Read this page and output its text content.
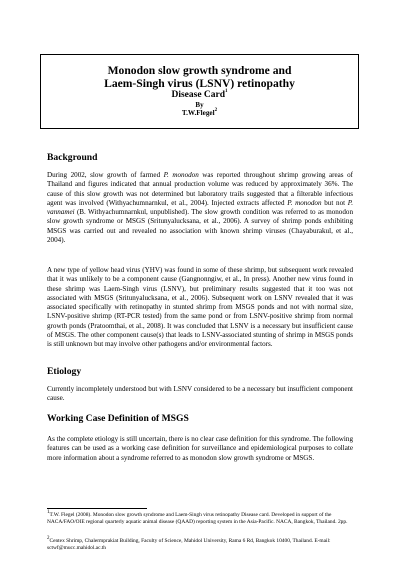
Monodon slow growth syndrome and
Laem-Singh virus (LSNV) retinopathy
Disease Card$^1$
By
T.W.Flegel$^2$
Background

During 2002, slow growth of farmed P. monodon was reported throughout shrimp growing areas of Thailand and figures indicated that annual production volume was reduced by approximately 36%. The cause of this slow growth was not determined but laboratory trails suggested that a filterable infectious agent was involved (Withyachumnarnkul, et al., 2004). Injected extracts affected P. monodon but not P. vannamei (B. Withyachumnarnkul, unpublished). The slow growth condition was referred to as monodon slow growth syndrome or MSGS (Sritunyalucksana, et al., 2006). A survey of shrimp ponds exhibiting MSGS was carried out and revealed no association with known shrimp viruses (Chayaburakul, et al., 2004).

A new type of yellow head virus (YHV) was found in some of these shrimp, but subsequent work revealed that it was unlikely to be a component cause (Gangnonngiw, et al., In press). Another new virus found in these shrimp was Laem-Singh virus (LSNV), but preliminary results suggested that it too was not associated with MSGS (Sritunyalucksana, et al., 2006). Subsequent work on LSNV revealed that it was associated specifically with retinopathy in stunted shrimp from MSGS ponds and not with normal size, LSNV-positive shrimp (RT-PCR tested) from the same pond or from LSNV-positive shrimp from normal growth ponds (Pratoomthai, et al., 2008). It was concluded that LSNV is a necessary but insufficient cause of MSGS. The other component cause(s) that leads to LSNV-associated stunting of shrimp in MSGS ponds is still unknown but may involve other pathogens and/or environmental factors.

Etiology

Currently incompletely understood but with LSNV considered to be a necessary but insufficient component cause.

Working Case Definition of MSGS

As the complete etiology is still uncertain, there is no clear case definition for this syndrome. The following features can be used as a working case definition for surveillance and epidemiological purposes to collate more information about a syndrome referred to as monodon slow growth syndrome or MSGS.

$^1$T.W. Flegel (2008). Monodon slow growth syndrome and Laem-Singh virus retinopathy Disease card. Developed in support of the NACA/FAO/OIE regional quarterly aquatic animal disease (QAAD) reporting system in the Asia-Pacific. NACA, Bangkok, Thailand. 2pp.

$^2$Centex Shrimp, Chalermprakiat Building, Faculty of Science, Mahidol University, Rama 6 Rd, Bangkok 10400, Thailand. E-mail: sctwf@mucc.mahidol.ac.th
